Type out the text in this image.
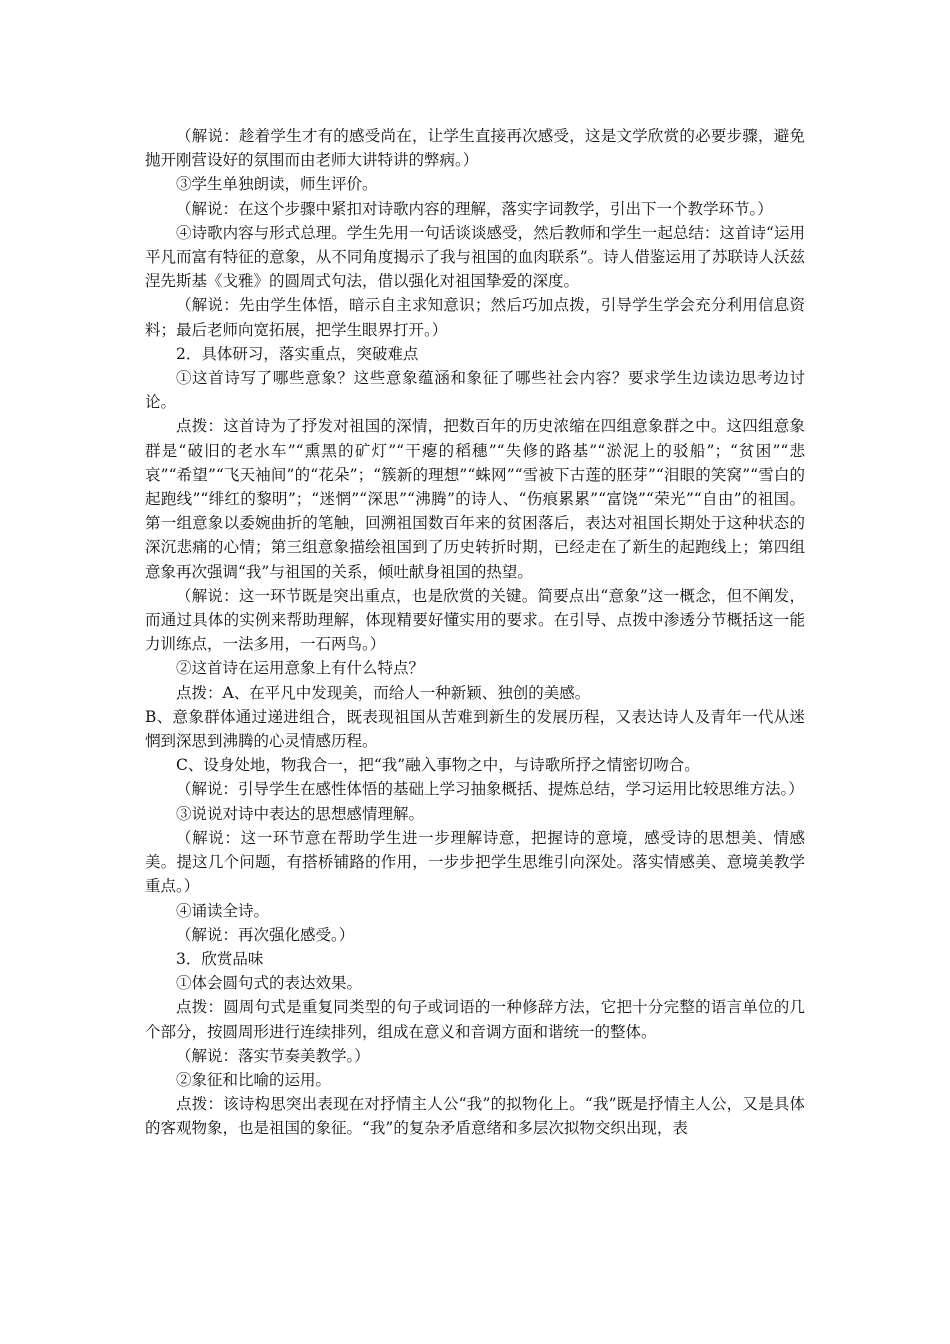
（解说：趁着学生才有的感受尚在，让学生直接再次感受，这是文学欣赏的必要步骤，避免抛开刚营设好的氛围而由老师大讲特讲的弊病。）

③学生单独朗读，师生评价。

（解说：在这个步骤中紧扣对诗歌内容的理解，落实字词教学，引出下一个教学环节。）

④诗歌内容与形式总理。学生先用一句话谈谈感受，然后教师和学生一起总结：这首诗“运用平凡而富有特征的意象，从不同角度揭示了我与祖国的血肉联系”。诗人借鉴运用了苏联诗人沃兹涅先斯基《戈雅》的圆周式句法，借以强化对祖国挚爱的深度。

（解说：先由学生体悟，暗示自主求知意识；然后巧加点拨，引导学生学会充分利用信息资料；最后老师向宽拓展，把学生眼界打开。）

2．具体研习，落实重点，突破难点

①这首诗写了哪些意象？这些意象蕴涵和象征了哪些社会内容？要求学生边读边思考边讨论。

点拨：这首诗为了抒发对祖国的深情，把数百年的历史浓缩在四组意象群之中。这四组意象群是“破旧的老水车”“熏黑的矿灯”“干瘪的稻穗”“失修的路基”“淤泥上的驳船”；“贫困”“悲哀”“希望”“飞天袖间”的“花朵”；“簇新的理想”“蛛网”“雪被下古莲的胚芽”“泪眼的笑窝”“雪白的起跑线”“绯红的黎明”；“迷惘”“深思”“沸腾”的诗人、“伤痕累累”“富饶”“荣光”“自由”的祖国。第一组意象以委婉曲折的笔触，回溯祖国数百年来的贫困落后，表达对祖国长期处于这种状态的深沉悲痛的心情；第三组意象描绘祖国到了历史转折时期，已经走在了新生的起跑线上；第四组意象再次强调“我”与祖国的关系，倾吐献身祖国的热望。

（解说：这一环节既是突出重点，也是欣赏的关键。简要点出“意象”这一概念，但不阐发，而通过具体的实例来帮助理解，体现精要好懂实用的要求。在引导、点拨中渗透分节概括这一能力训练点，一法多用，一石两鸟。）

②这首诗在运用意象上有什么特点？

点拨：A、在平凡中发现美，而给人一种新颖、独创的美感。

B、意象群体通过递进组合，既表现祖国从苦难到新生的发展历程，又表达诗人及青年一代从迷惘到深思到沸腾的心灵情感历程。

C、设身处地，物我合一，把“我”融入事物之中，与诗歌所抒之情密切吻合。

（解说：引导学生在感性体悟的基础上学习抽象概括、提炼总结，学习运用比较思维方法。）

③说说对诗中表达的思想感情理解。

（解说：这一环节意在帮助学生进一步理解诗意，把握诗的意境，感受诗的思想美、情感美。提这几个问题，有搭桥铺路的作用，一步步把学生思维引向深处。落实情感美、意境美教学重点。）

④诵读全诗。

（解说：再次强化感受。）

3．欣赏品味

①体会圆句式的表达效果。

点拨：圆周句式是重复同类型的句子或词语的一种修辞方法，它把十分完整的语言单位的几个部分，按圆周形进行连续排列，组成在意义和音调方面和谐统一的整体。

（解说：落实节奏美教学。）

②象征和比喻的运用。

点拨：该诗构思突出表现在对抒情主人公“我”的拟物化上。“我”既是抒情主人公，又是具体的客观物象，也是祖国的象征。“我”的复杂矛盾意绪和多层次拟物交织出现，表
